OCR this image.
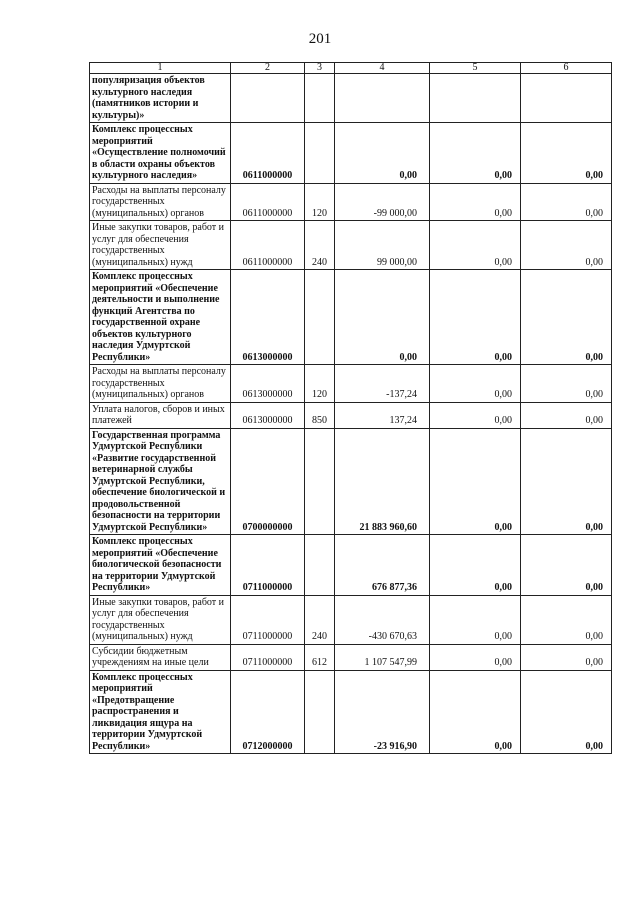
201
1	2	3	4	5	6
популяризация объектов культурного наследия (памятников истории и культуры)»					
Комплекс процессных мероприятий «Осуществление полномочий в области охраны объектов культурного наследия»	0611000000		0,00	0,00	0,00
Расходы на выплаты персоналу государственных (муниципальных) органов	0611000000	120	-99 000,00	0,00	0,00
Иные закупки товаров, работ и услуг для обеспечения государственных (муниципальных) нужд	0611000000	240	99 000,00	0,00	0,00
Комплекс процессных мероприятий «Обеспечение деятельности и выполнение функций Агентства по государственной охране объектов культурного наследия Удмуртской Республики»	0613000000		0,00	0,00	0,00
Расходы на выплаты персоналу государственных (муниципальных) органов	0613000000	120	-137,24	0,00	0,00
Уплата налогов, сборов и иных платежей	0613000000	850	137,24	0,00	0,00
Государственная программа Удмуртской Республики «Развитие государственной ветеринарной службы Удмуртской Республики, обеспечение биологической и продовольственной безопасности на территории Удмуртской Республики»	0700000000		21 883 960,60	0,00	0,00
Комплекс процессных мероприятий «Обеспечение биологической безопасности на территории Удмуртской Республики»	0711000000		676 877,36	0,00	0,00
Иные закупки товаров, работ и услуг для обеспечения государственных (муниципальных) нужд	0711000000	240	-430 670,63	0,00	0,00
Субсидии бюджетным учреждениям на иные цели	0711000000	612	1 107 547,99	0,00	0,00
Комплекс процессных мероприятий «Предотвращение распространения и ликвидация ящура на территории Удмуртской Республики»	0712000000		-23 916,90	0,00	0,00
